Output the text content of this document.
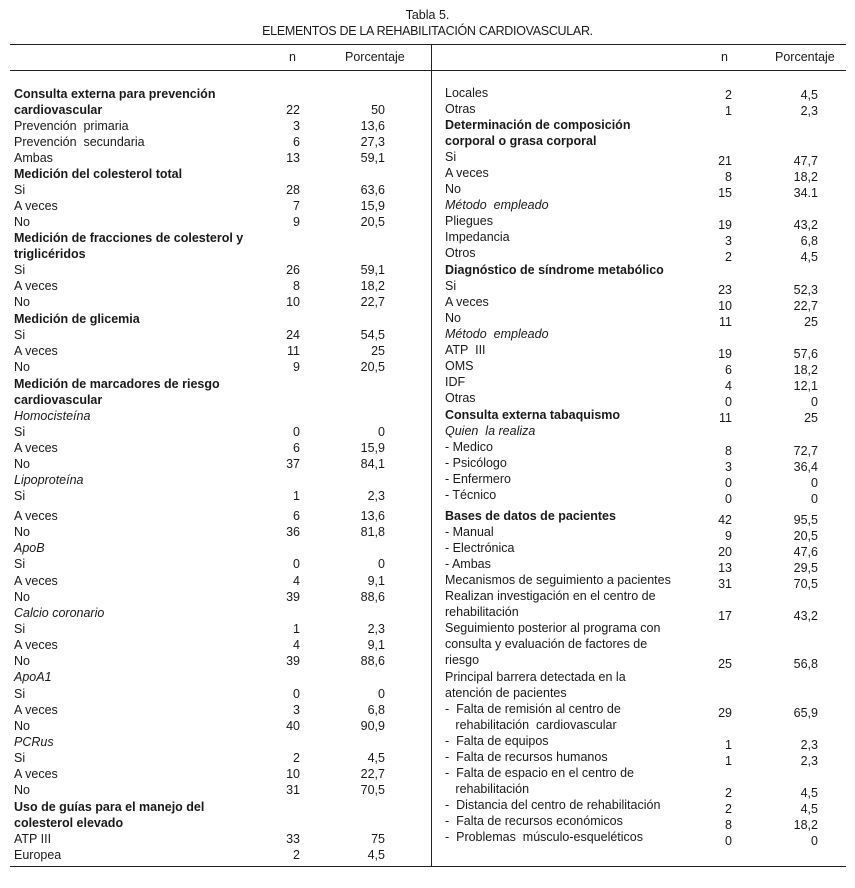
Tabla 5.
ELEMENTOS DE LA REHABILITACIÓN CARDIOVASCULAR.
n	Porcentaje	n	Porcentaje
Consulta externa para prevención
cardiovascular	22	50
Prevención  primaria	3	13,6
Prevención  secundaria	6	27,3
Ambas	13	59,1
Medición del colesterol total
Si	28	63,6
A veces	7	15,9
No	9	20,5
Medición de fracciones de colesterol y
triglicéridos
Si	26	59,1
A veces	8	18,2
No	10	22,7
Medición de glicemia
Si	24	54,5
A veces	11	25
No	9	20,5
Medición de marcadores de riesgo
cardiovascular
Homocisteína
Si	0	0
A veces	6	15,9
No	37	84,1
Lipoproteína
Si	1	2,3
A veces	6	13,6
No	36	81,8
ApoB
Si	0	0
A veces	4	9,1
No	39	88,6
Calcio coronario
Si	1	2,3
A veces	4	9,1
No	39	88,6
ApoA1
Si	0	0
A veces	3	6,8
No	40	90,9
PCRus
Si	2	4,5
A veces	10	22,7
No	31	70,5
Uso de guías para el manejo del
colesterol elevado
ATP III	33	75
Europea	2	4,5
Locales	2	4,5
Otras	1	2,3
Determinación de composición
corporal o grasa corporal
Si	21	47,7
A veces	8	18,2
No	15	34.1
Método  empleado
Pliegues	19	43,2
Impedancia	3	6,8
Otros	2	4,5
Diagnóstico de síndrome metabólico
Si	23	52,3
A veces	10	22,7
No	11	25
Método  empleado
ATP  III	19	57,6
OMS	6	18,2
IDF	4	12,1
Otras	0	0
Consulta externa tabaquismo	11	25
Quien  la realiza
- Medico	8	72,7
- Psicólogo	3	36,4
- Enfermero	0	0
- Técnico	0	0
Bases de datos de pacientes	42	95,5
- Manual	9	20,5
- Electrónica	20	47,6
- Ambas	13	29,5
Mecanismos de seguimiento a pacientes	31	70,5
Realizan investigación en el centro de
rehabilitación	17	43,2
Seguimiento posterior al programa con
consulta y evaluación de factores de
riesgo	25	56,8
Principal barrera detectada en la
atención de pacientes
-  Falta de remisión al centro de	29	65,9
rehabilitación  cardiovascular
-  Falta de equipos	1	2,3
-  Falta de recursos humanos	1	2,3
-  Falta de espacio en el centro de
rehabilitación	2	4,5
-  Distancia del centro de rehabilitación	2	4,5
-  Falta de recursos económicos	8	18,2
-  Problemas  músculo-esqueléticos	0	0
